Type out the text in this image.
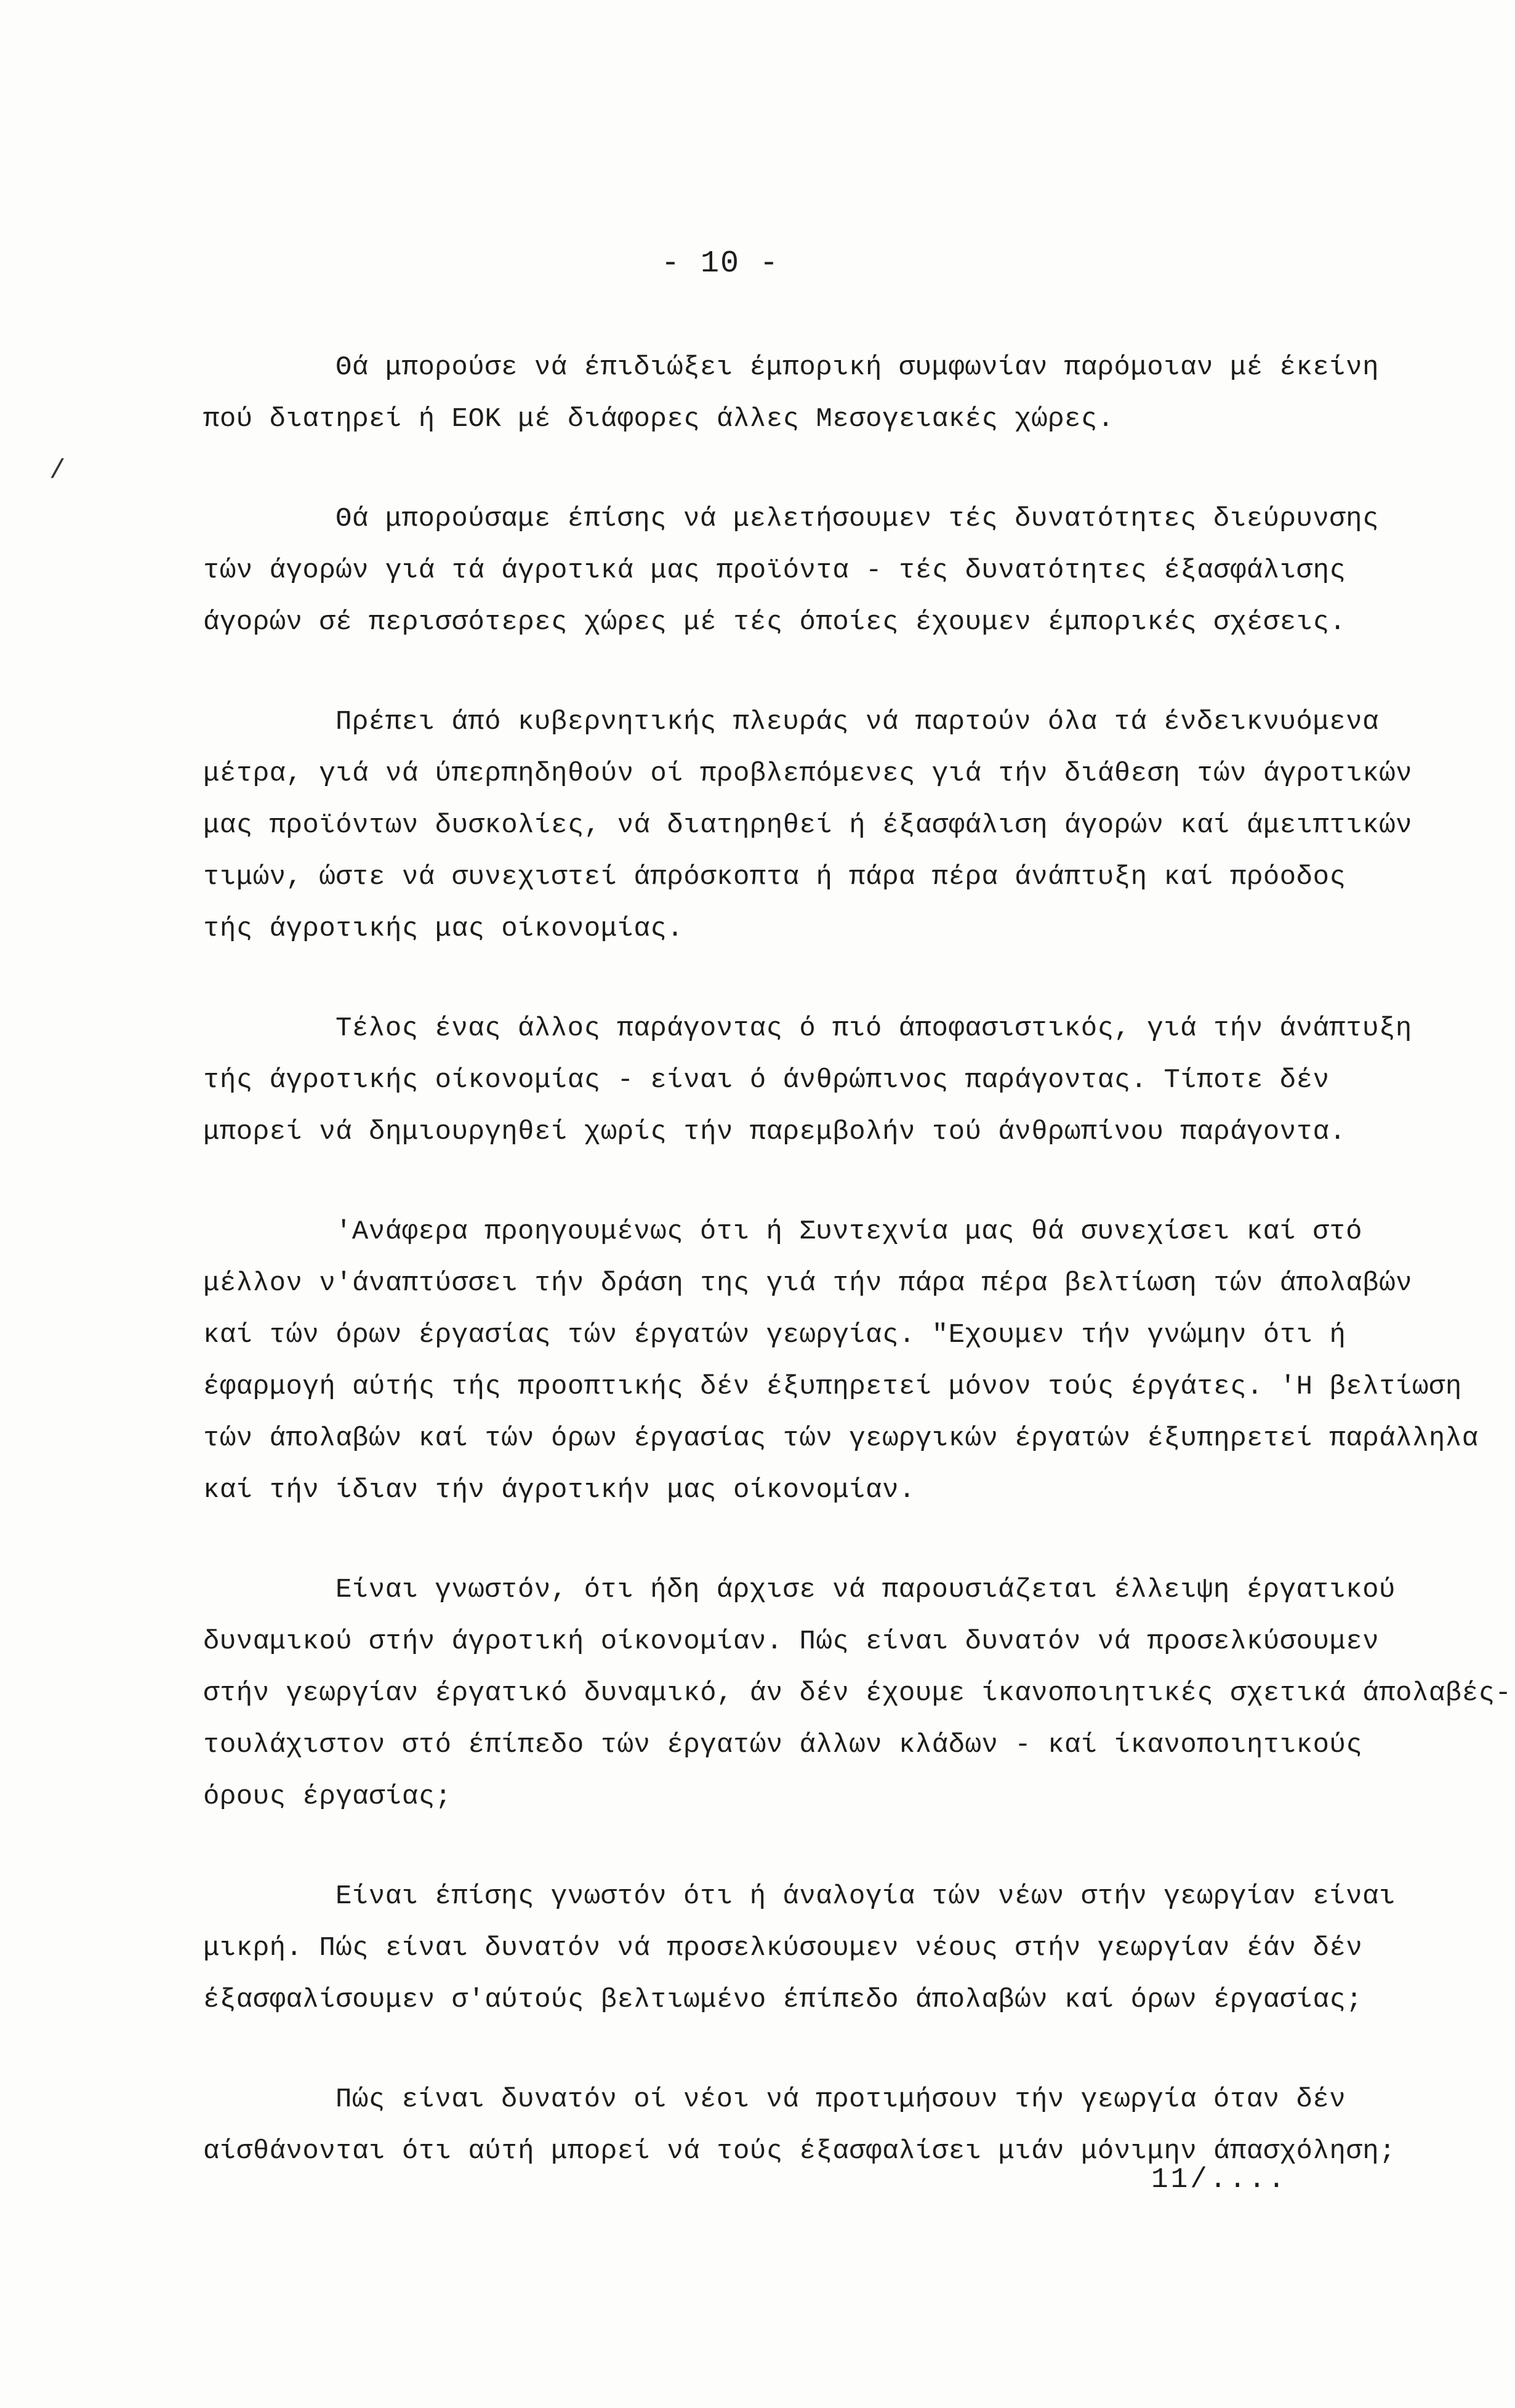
- 10 -
Θά μπορούσε νά έπιδιώξει έμπορική συμφωνίαν παρόμοιαν μέ έκείνη
πού διατηρεί ή ΕΟΚ μέ διάφορες άλλες Μεσογειακές χώρες.
Θά μπορούσαμε έπίσης νά μελετήσουμεν τές δυνατότητες διεύρυνσης
τών άγορών γιά τά άγροτικά μας προϊόντα - τές δυνατότητες έξασφάλισης
άγορών σέ περισσότερες χώρες μέ τές όποίες έχουμεν έμπορικές σχέσεις.
Πρέπει άπό κυβερνητικής πλευράς νά παρτούν όλα τά ένδεικνυόμενα
μέτρα, γιά νά ύπερπηδηθούν οί προβλεπόμενες γιά τήν διάθεση τών άγροτικών
μας προϊόντων δυσκολίες, νά διατηρηθεί ή έξασφάλιση άγορών καί άμειπτικών
τιμών, ώστε νά συνεχιστεί άπρόσκοπτα ή πάρα πέρα άνάπτυξη καί πρόοδος
τής άγροτικής μας οίκονομίας.
Τέλος ένας άλλος παράγοντας ό πιό άποφασιστικός, γιά τήν άνάπτυξη
τής άγροτικής οίκονομίας - είναι ό άνθρώπινος παράγοντας. Τίποτε δέν
μπορεί νά δημιουργηθεί χωρίς τήν παρεμβολήν τού άνθρωπίνου παράγοντα.
'Ανάφερα προηγουμένως ότι ή Συντεχνία μας θά συνεχίσει καί στό
μέλλον ν'άναπτύσσει τήν δράση της γιά τήν πάρα πέρα βελτίωση τών άπολαβών
καί τών όρων έργασίας τών έργατών γεωργίας. "Εχουμεν τήν γνώμην ότι ή
έφαρμογή αύτής τής προοπτικής δέν έξυπηρετεί μόνον τούς έργάτες. 'Η βελτίωση
τών άπολαβών καί τών όρων έργασίας τών γεωργικών έργατών έξυπηρετεί παράλληλα
καί τήν ίδιαν τήν άγροτικήν μας οίκονομίαν.
Είναι γνωστόν, ότι ήδη άρχισε νά παρουσιάζεται έλλειψη έργατικού
δυναμικού στήν άγροτική οίκονομίαν. Πώς είναι δυνατόν νά προσελκύσουμεν
στήν γεωργίαν έργατικό δυναμικό, άν δέν έχουμε ίκανοποιητικές σχετικά άπολαβές-
τουλάχιστον στό έπίπεδο τών έργατών άλλων κλάδων - καί ίκανοποιητικούς
όρους έργασίας;
Είναι έπίσης γνωστόν ότι ή άναλογία τών νέων στήν γεωργίαν είναι
μικρή. Πώς είναι δυνατόν νά προσελκύσουμεν νέους στήν γεωργίαν έάν δέν
έξασφαλίσουμεν σ'αύτούς βελτιωμένο έπίπεδο άπολαβών καί όρων έργασίας;
Πώς είναι δυνατόν οί νέοι νά προτιμήσουν τήν γεωργία όταν δέν
αίσθάνονται ότι αύτή μπορεί νά τούς έξασφαλίσει μιάν μόνιμην άπασχόληση;
/
11/....
